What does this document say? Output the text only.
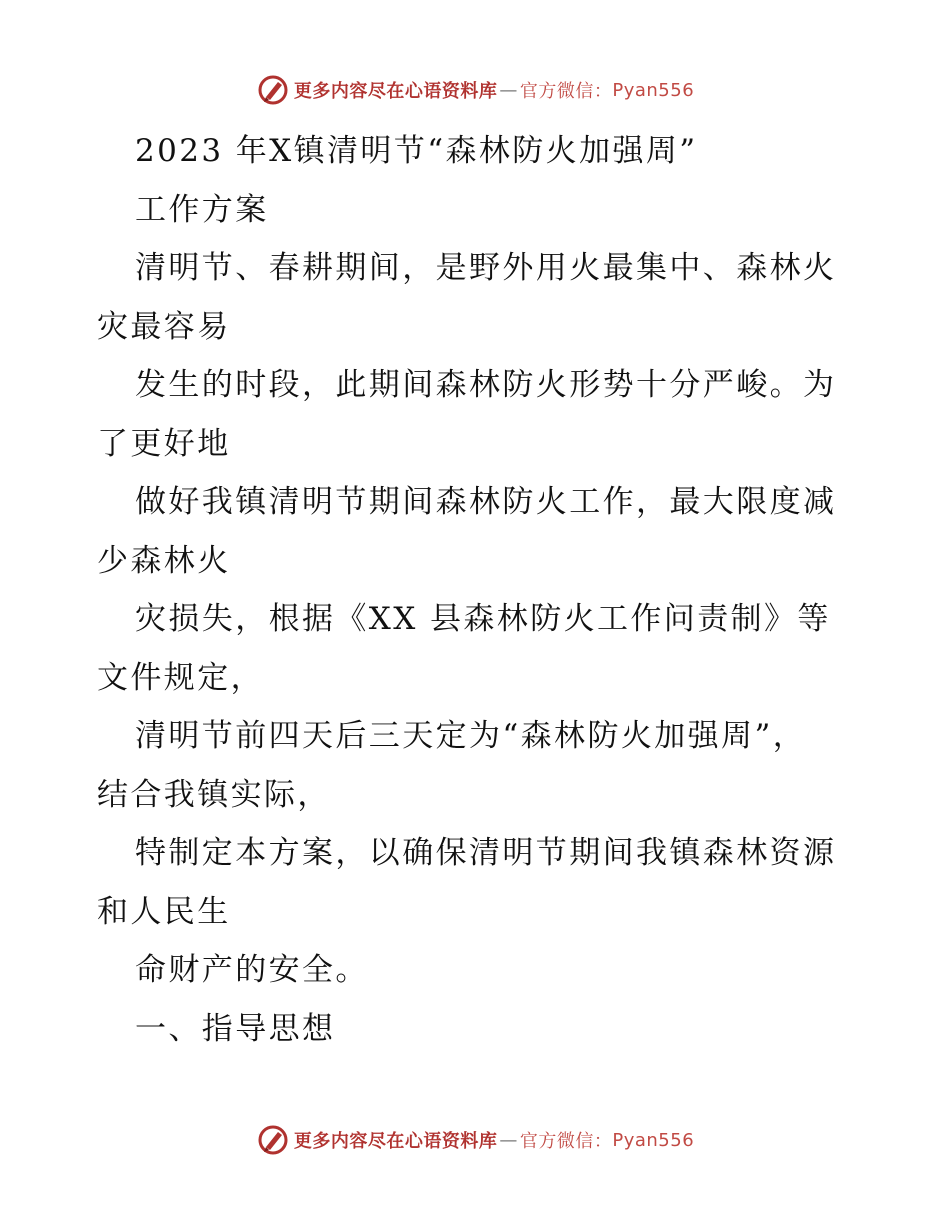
更多内容尽在心语资料库 — 官方微信： Pyan556
2023 年X镇清明节“森林防火加强周”
工作方案
清明节、春耕期间，是野外用火最集中、森林火
灾最容易
发生的时段，此期间森林防火形势十分严峻。为
了更好地
做好我镇清明节期间森林防火工作，最大限度减
少森林火
灾损失，根据《XX 县森林防火工作问责制》等
文件规定，
清明节前四天后三天定为“森林防火加强周”，
结合我镇实际，
特制定本方案，以确保清明节期间我镇森林资源
和人民生
命财产的安全。
一、指导思想
更多内容尽在心语资料库 — 官方微信： Pyan556
